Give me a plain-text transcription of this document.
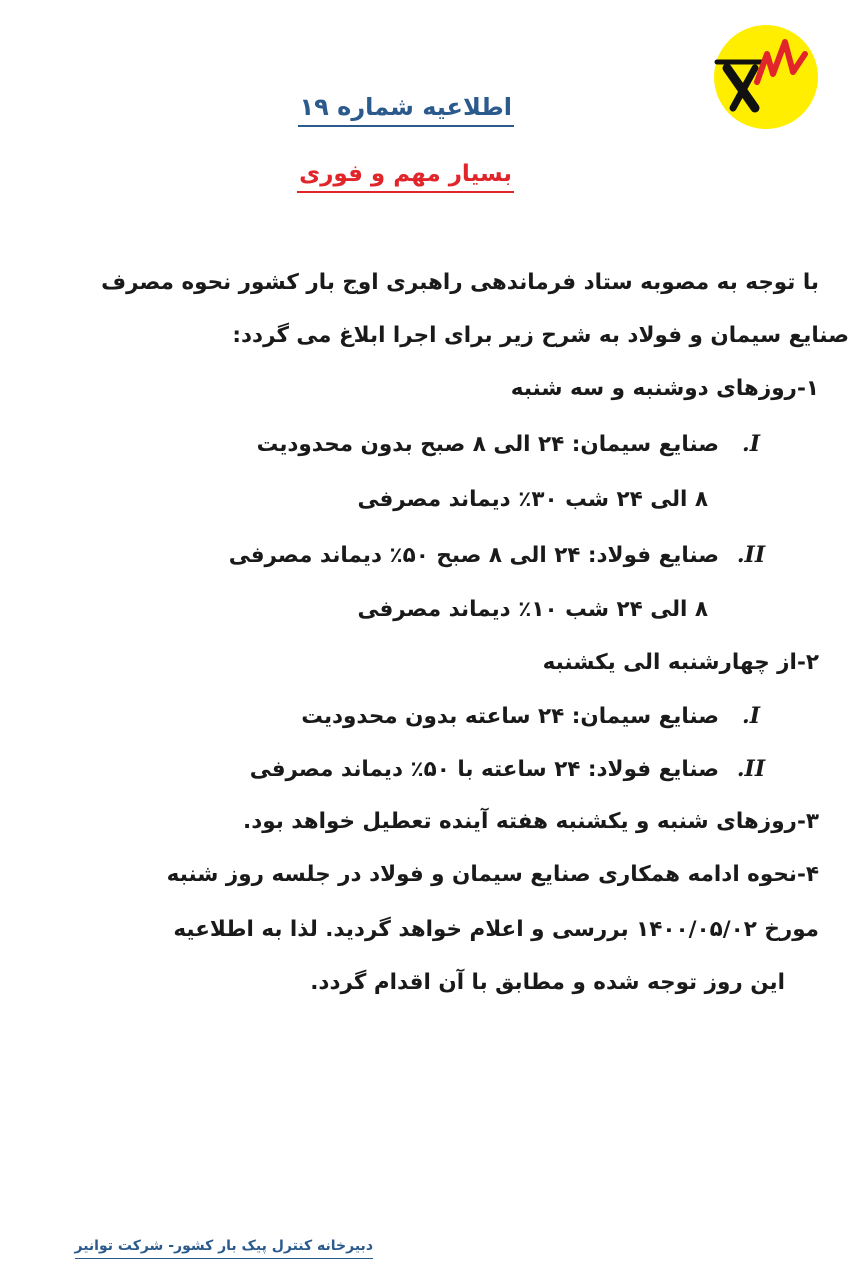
اطلاعیه شماره ۱۹
بسیار مهم و فوری

با توجه به مصوبه ستاد فرماندهی راهبری اوج بار کشور نحوه مصرف

صنایع سیمان و فولاد به شرح زیر برای اجرا ابلاغ می گردد:

۱-روزهای دوشنبه و سه شنبه

I.صنایع سیمان: ۲۴ الی ۸ صبح بدون محدودیت

۸ الی ۲۴ شب ۳۰٪ دیماند مصرفی

II.صنایع فولاد: ۲۴ الی ۸ صبح ۵۰٪ دیماند مصرفی

۸ الی ۲۴ شب ۱۰٪ دیماند مصرفی

۲-از چهارشنبه الی یکشنبه

I.صنایع سیمان: ۲۴ ساعته بدون محدودیت

II.صنایع فولاد: ۲۴ ساعته با ۵۰٪ دیماند مصرفی

۳-روزهای شنبه و یکشنبه هفته آینده تعطیل خواهد بود.

۴-نحوه ادامه همکاری صنایع سیمان و فولاد در جلسه روز شنبه

مورخ ۱۴۰۰/۰۵/۰۲ بررسی و اعلام خواهد گردید. لذا به اطلاعیه

این روز توجه شده و مطابق با آن اقدام گردد.

دبیرخانه کنترل پیک بار کشور- شرکت توانیر
